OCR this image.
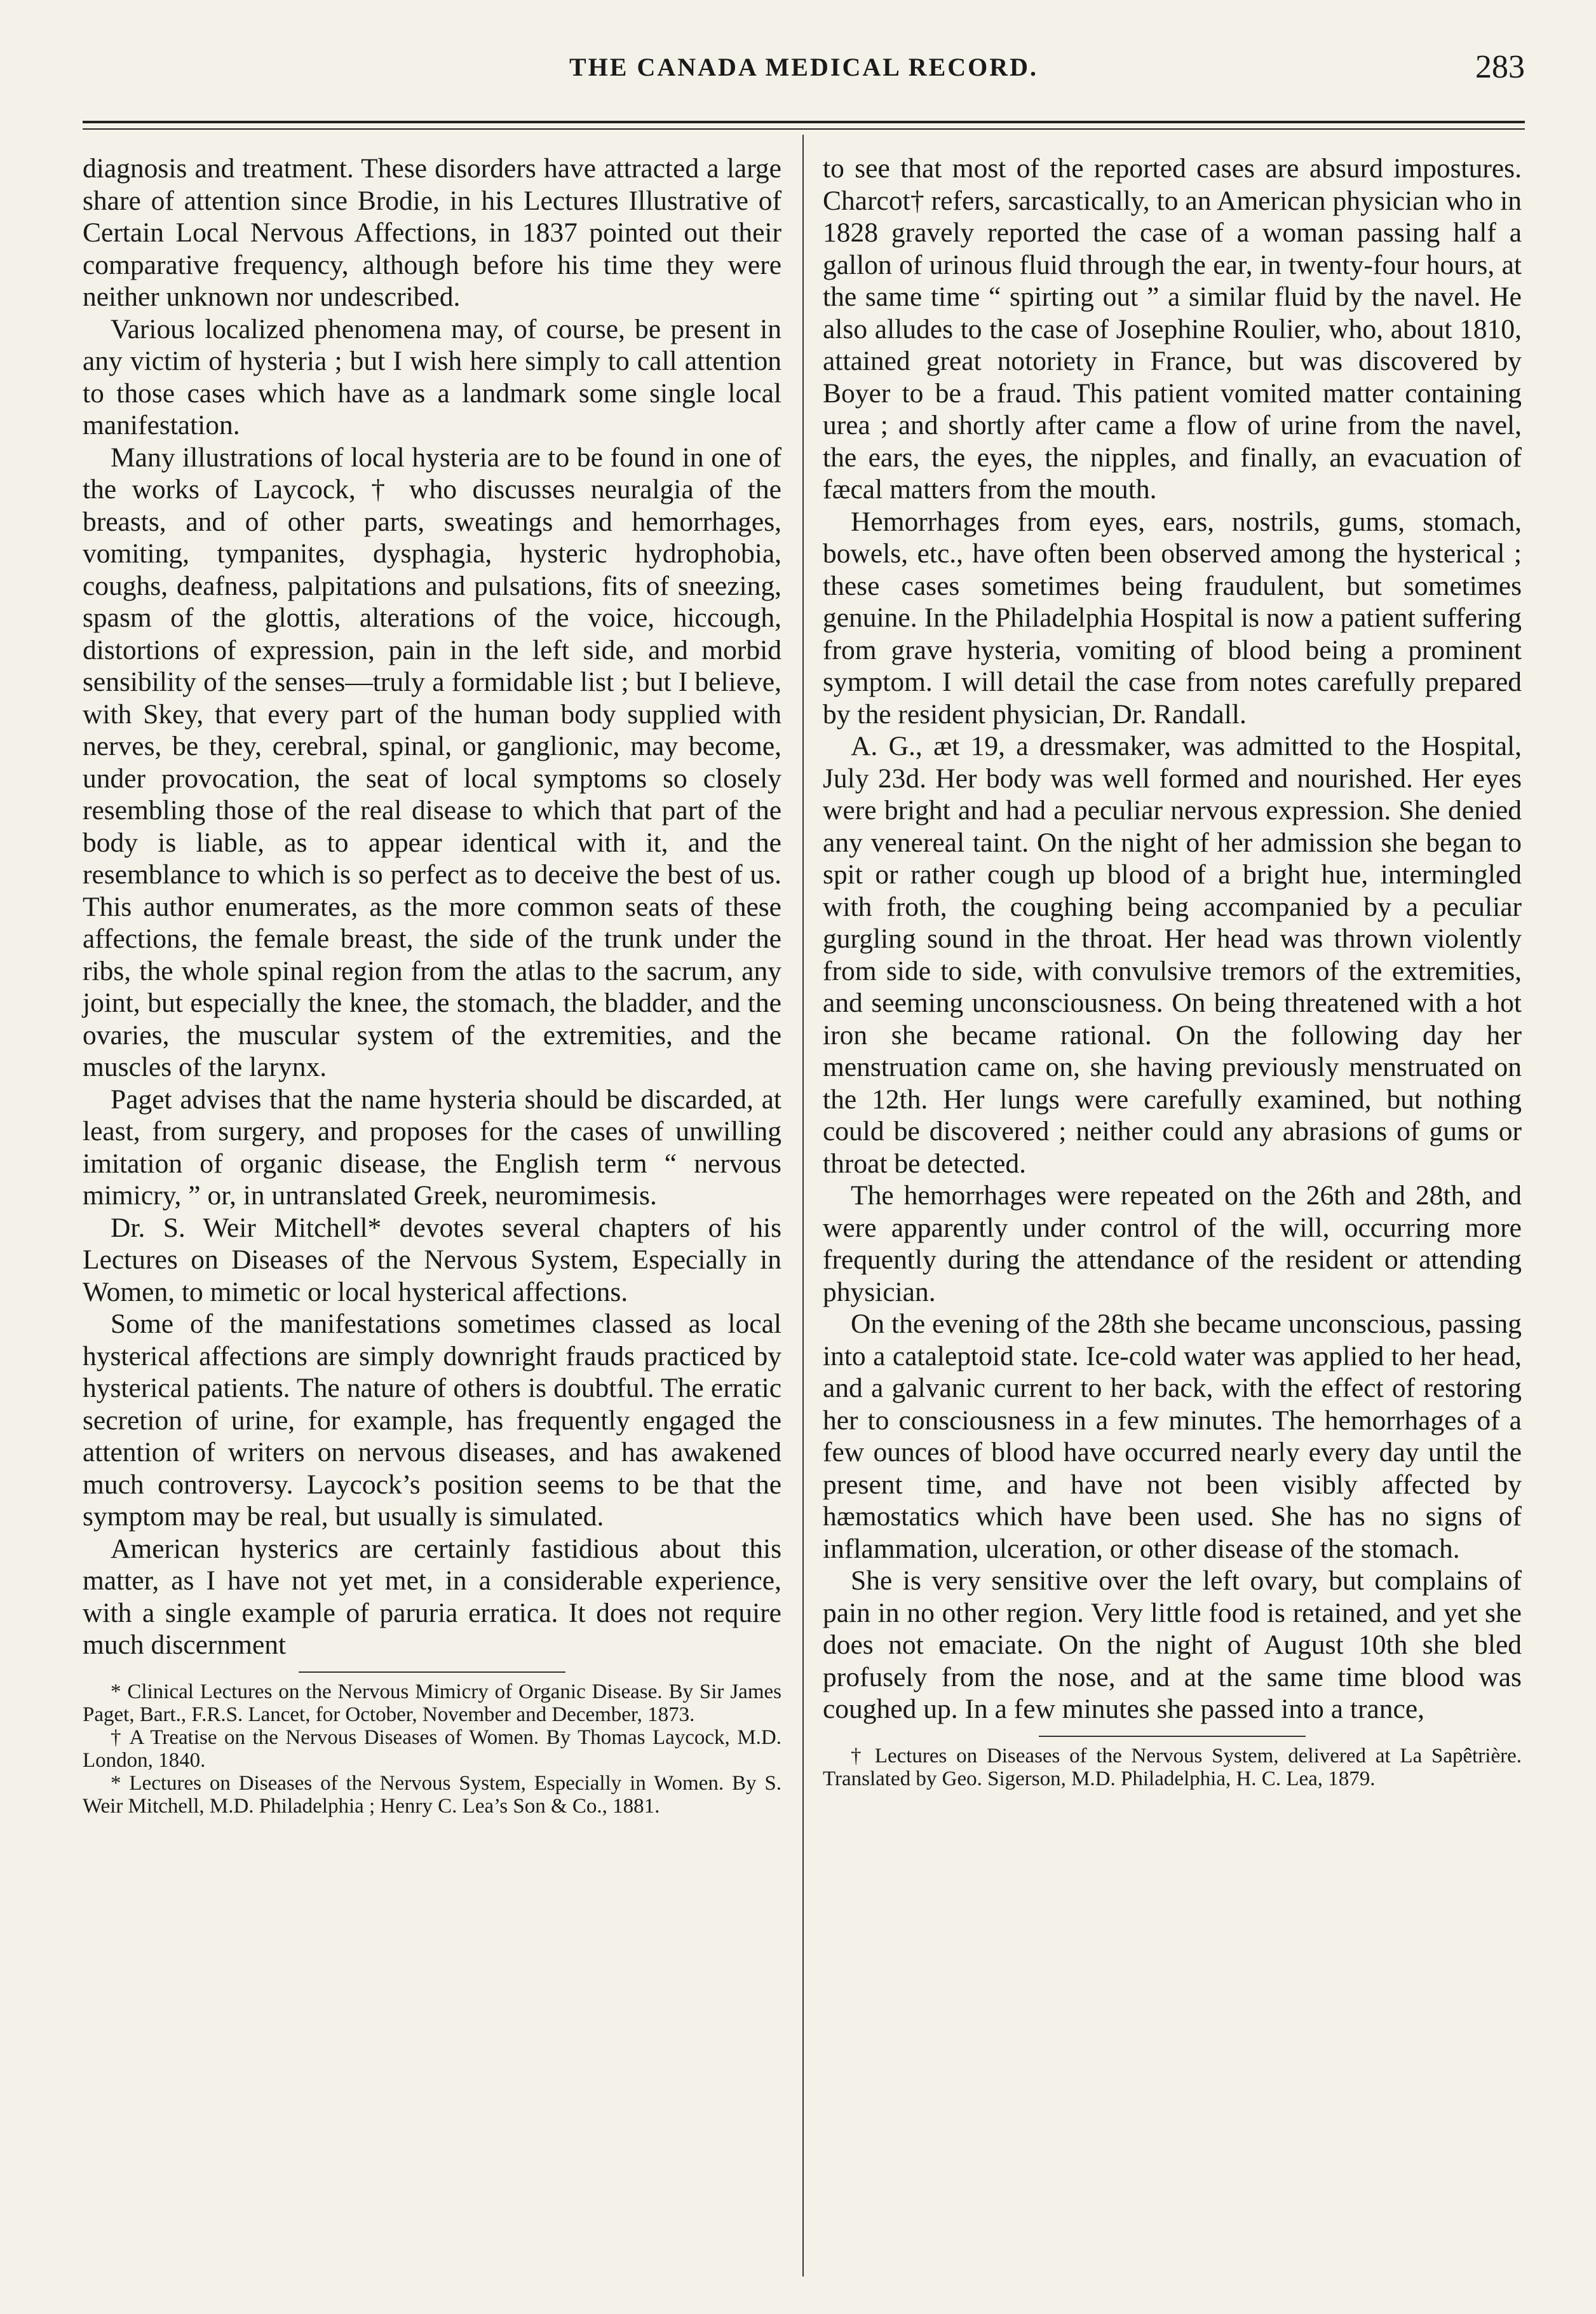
THE CANADA MEDICAL RECORD.	283

diagnosis and treatment. These disorders have attracted a large share of attention since Brodie, in his Lectures Illustrative of Certain Local Nervous Affections, in 1837 pointed out their comparative frequency, although before his time they were neither unknown nor undescribed.

Various localized phenomena may, of course, be present in any victim of hysteria ; but I wish here simply to call attention to those cases which have as a landmark some single local manifestation.

Many illustrations of local hysteria are to be found in one of the works of Laycock, † who discusses neuralgia of the breasts, and of other parts, sweatings and hemorrhages, vomiting, tympanites, dysphagia, hysteric hydrophobia, coughs, deafness, palpitations and pulsations, fits of sneezing, spasm of the glottis, alterations of the voice, hiccough, distortions of expression, pain in the left side, and morbid sensibility of the senses—truly a formidable list ; but I believe, with Skey, that every part of the human body supplied with nerves, be they, cerebral, spinal, or ganglionic, may become, under provocation, the seat of local symptoms so closely resembling those of the real disease to which that part of the body is liable, as to appear identical with it, and the resemblance to which is so perfect as to deceive the best of us. This author enumerates, as the more common seats of these affections, the female breast, the side of the trunk under the ribs, the whole spinal region from the atlas to the sacrum, any joint, but especially the knee, the stomach, the bladder, and the ovaries, the muscular system of the extremities, and the muscles of the larynx.

Paget advises that the name hysteria should be discarded, at least, from surgery, and proposes for the cases of unwilling imitation of organic disease, the English term “ nervous mimicry, ” or, in untranslated Greek, neuromimesis.

Dr. S. Weir Mitchell* devotes several chapters of his Lectures on Diseases of the Nervous System, Especially in Women, to mimetic or local hysterical affections.

Some of the manifestations sometimes classed as local hysterical affections are simply downright frauds practiced by hysterical patients. The nature of others is doubtful. The erratic secretion of urine, for example, has frequently engaged the attention of writers on nervous diseases, and has awakened much controversy. Laycock’s position seems to be that the symptom may be real, but usually is simulated.

American hysterics are certainly fastidious about this matter, as I have not yet met, in a considerable experience, with a single example of paruria erratica. It does not require much discernment

* Clinical Lectures on the Nervous Mimicry of Organic Disease. By Sir James Paget, Bart., F.R.S. Lancet, for October, November and December, 1873.

† A Treatise on the Nervous Diseases of Women. By Thomas Laycock, M.D. London, 1840.

* Lectures on Diseases of the Nervous System, Especially in Women. By S. Weir Mitchell, M.D. Philadelphia ; Henry C. Lea’s Son & Co., 1881.

to see that most of the reported cases are absurd impostures. Charcot† refers, sarcastically, to an American physician who in 1828 gravely reported the case of a woman passing half a gallon of urinous fluid through the ear, in twenty-four hours, at the same time “ spirting out ” a similar fluid by the navel. He also alludes to the case of Josephine Roulier, who, about 1810, attained great notoriety in France, but was discovered by Boyer to be a fraud. This patient vomited matter containing urea ; and shortly after came a flow of urine from the navel, the ears, the eyes, the nipples, and finally, an evacuation of fæcal matters from the mouth.

Hemorrhages from eyes, ears, nostrils, gums, stomach, bowels, etc., have often been observed among the hysterical ; these cases sometimes being fraudulent, but sometimes genuine. In the Philadelphia Hospital is now a patient suffering from grave hysteria, vomiting of blood being a prominent symptom. I will detail the case from notes carefully prepared by the resident physician, Dr. Randall.

A. G., æt 19, a dressmaker, was admitted to the Hospital, July 23d. Her body was well formed and nourished. Her eyes were bright and had a peculiar nervous expression. She denied any venereal taint. On the night of her admission she began to spit or rather cough up blood of a bright hue, intermingled with froth, the coughing being accompanied by a peculiar gurgling sound in the throat. Her head was thrown violently from side to side, with convulsive tremors of the extremities, and seeming unconsciousness. On being threatened with a hot iron she became rational. On the following day her menstruation came on, she having previously menstruated on the 12th. Her lungs were carefully examined, but nothing could be discovered ; neither could any abrasions of gums or throat be detected.

The hemorrhages were repeated on the 26th and 28th, and were apparently under control of the will, occurring more frequently during the attendance of the resident or attending physician.

On the evening of the 28th she became unconscious, passing into a cataleptoid state. Ice-cold water was applied to her head, and a galvanic current to her back, with the effect of restoring her to consciousness in a few minutes. The hemorrhages of a few ounces of blood have occurred nearly every day until the present time, and have not been visibly affected by hæmostatics which have been used. She has no signs of inflammation, ulceration, or other disease of the stomach.

She is very sensitive over the left ovary, but complains of pain in no other region. Very little food is retained, and yet she does not emaciate. On the night of August 10th she bled profusely from the nose, and at the same time blood was coughed up. In a few minutes she passed into a trance,

† Lectures on Diseases of the Nervous System, delivered at La Sapêtrière. Translated by Geo. Sigerson, M.D. Philadelphia, H. C. Lea, 1879.
